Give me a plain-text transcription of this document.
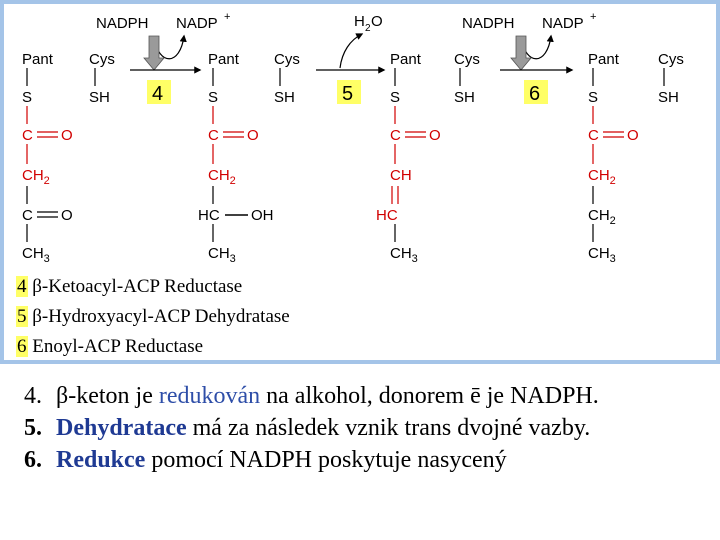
NADPH NADP +	H 2 O	NADPH NADP +
4	5	6
Pant Cys
S	SH
C O
$CH_2$
C O
$CH_3$
Pant Cys
S	SH
C O
$CH_2$
HC OH
$CH_3$
Pant Cys
S	SH
C O
CH
HC
$CH_3$
Pant	Cys
S	SH
C O
$CH_2$
$CH_2$
$CH_3$
4 β-Ketoacyl-ACP Reductase
5 β-Hydroxyacyl-ACP Dehydratase
6 Enoyl-ACP Reductase
4. β-keton je redukován na alkohol, donorem ē je NADPH.
5. Dehydratace má za následek vznik trans dvojné vazby.
6. Redukce pomocí NADPH poskytuje nasycený
